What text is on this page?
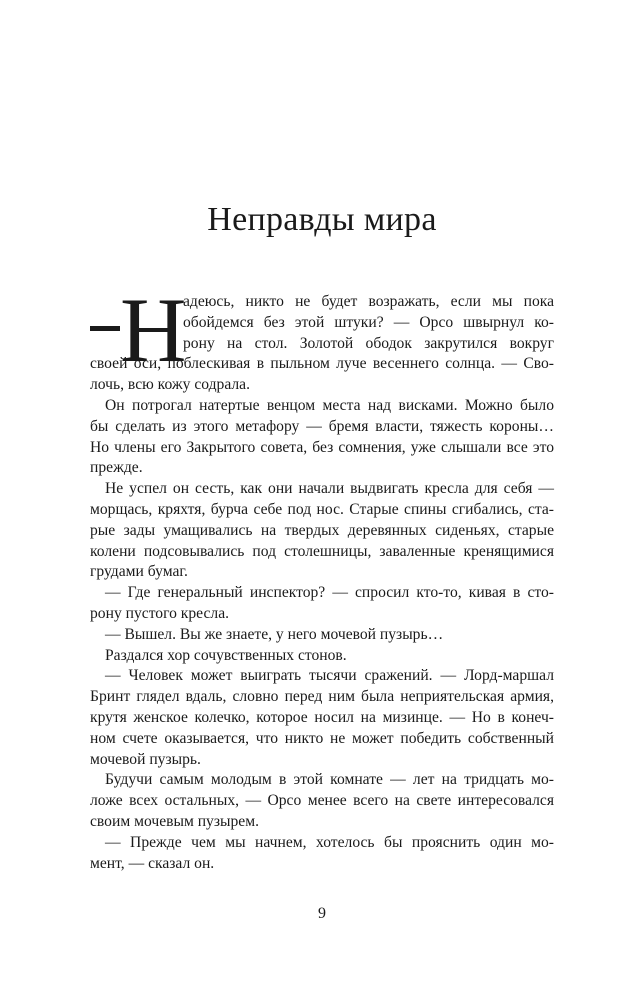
Неправды мира
Н
адеюсь, никто не будет возражать, если мы пока
обойдемся без этой штуки? — Орсо швырнул ко-
рону на стол. Золотой ободок закрутился вокруг
своей оси, поблескивая в пыльном луче весеннего солнца. — Сво-
лочь, всю кожу содрала.
Он потрогал натертые венцом места над висками. Можно было
бы сделать из этого метафору — бремя власти, тяжесть короны…
Но члены его Закрытого совета, без сомнения, уже слышали все это
прежде.
Не успел он сесть, как они начали выдвигать кресла для себя —
морщась, кряхтя, бурча себе под нос. Старые спины сгибались, ста-
рые зады умащивались на твердых деревянных сиденьях, старые
колени подсовывались под столешницы, заваленные кренящимися
грудами бумаг.
— Где генеральный инспектор? — спросил кто-то, кивая в сто-
рону пустого кресла.
— Вышел. Вы же знаете, у него мочевой пузырь…
Раздался хор сочувственных стонов.
— Человек может выиграть тысячи сражений. — Лорд-маршал
Бринт глядел вдаль, словно перед ним была неприятельская армия,
крутя женское колечко, которое носил на мизинце. — Но в конеч-
ном счете оказывается, что никто не может победить собственный
мочевой пузырь.
Будучи самым молодым в этой комнате — лет на тридцать мо-
ложе всех остальных, — Орсо менее всего на свете интересовался
своим мочевым пузырем.
— Прежде чем мы начнем, хотелось бы прояснить один мо-
мент, — сказал он.
9
